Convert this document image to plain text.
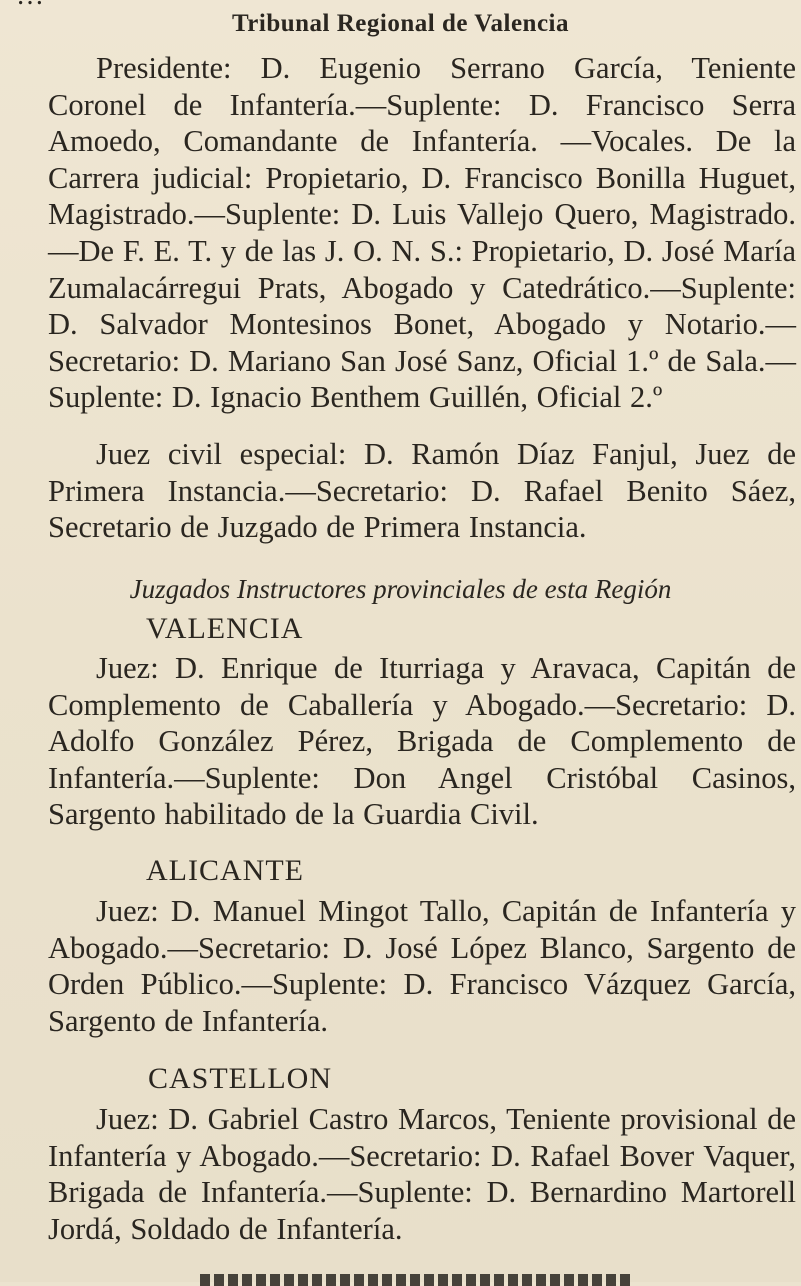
Tribunal Regional de Valencia
Presidente: D. Eugenio Serrano García, Teniente Coronel de Infantería.—Suplente: D. Francisco Serra Amoedo, Comandante de Infantería. —Vocales. De la Carrera judicial: Propietario, D. Francisco Bonilla Huguet, Magistrado.—Suplente: D. Luis Vallejo Quero, Magistrado.—De F. E. T. y de las J. O. N. S.: Propietario, D. José María Zumalacárregui Prats, Abogado y Catedrático.—Suplente: D. Salvador Montesinos Bonet, Abogado y Notario.—Secretario: D. Mariano San José Sanz, Oficial 1.º de Sala.—Suplente: D. Ignacio Benthem Guillén, Oficial 2.º
Juez civil especial: D. Ramón Díaz Fanjul, Juez de Primera Instancia.—Secretario: D. Rafael Benito Sáez, Secretario de Juzgado de Primera Instancia.
Juzgados Instructores provinciales de esta Región
VALENCIA
Juez: D. Enrique de Iturriaga y Aravaca, Capitán de Complemento de Caballería y Abogado.—Secretario: D. Adolfo González Pérez, Brigada de Complemento de Infantería.—Suplente: Don Angel Cristóbal Casinos, Sargento habilitado de la Guardia Civil.
ALICANTE
Juez: D. Manuel Mingot Tallo, Capitán de Infantería y Abogado.—Secretario: D. José López Blanco, Sargento de Orden Público.—Suplente: D. Francisco Vázquez García, Sargento de Infantería.
CASTELLON
Juez: D. Gabriel Castro Marcos, Teniente provisional de Infantería y Abogado.—Secretario: D. Rafael Bover Vaquer, Brigada de Infantería.—Suplente: D. Bernardino Martorell Jordá, Soldado de Infantería.
